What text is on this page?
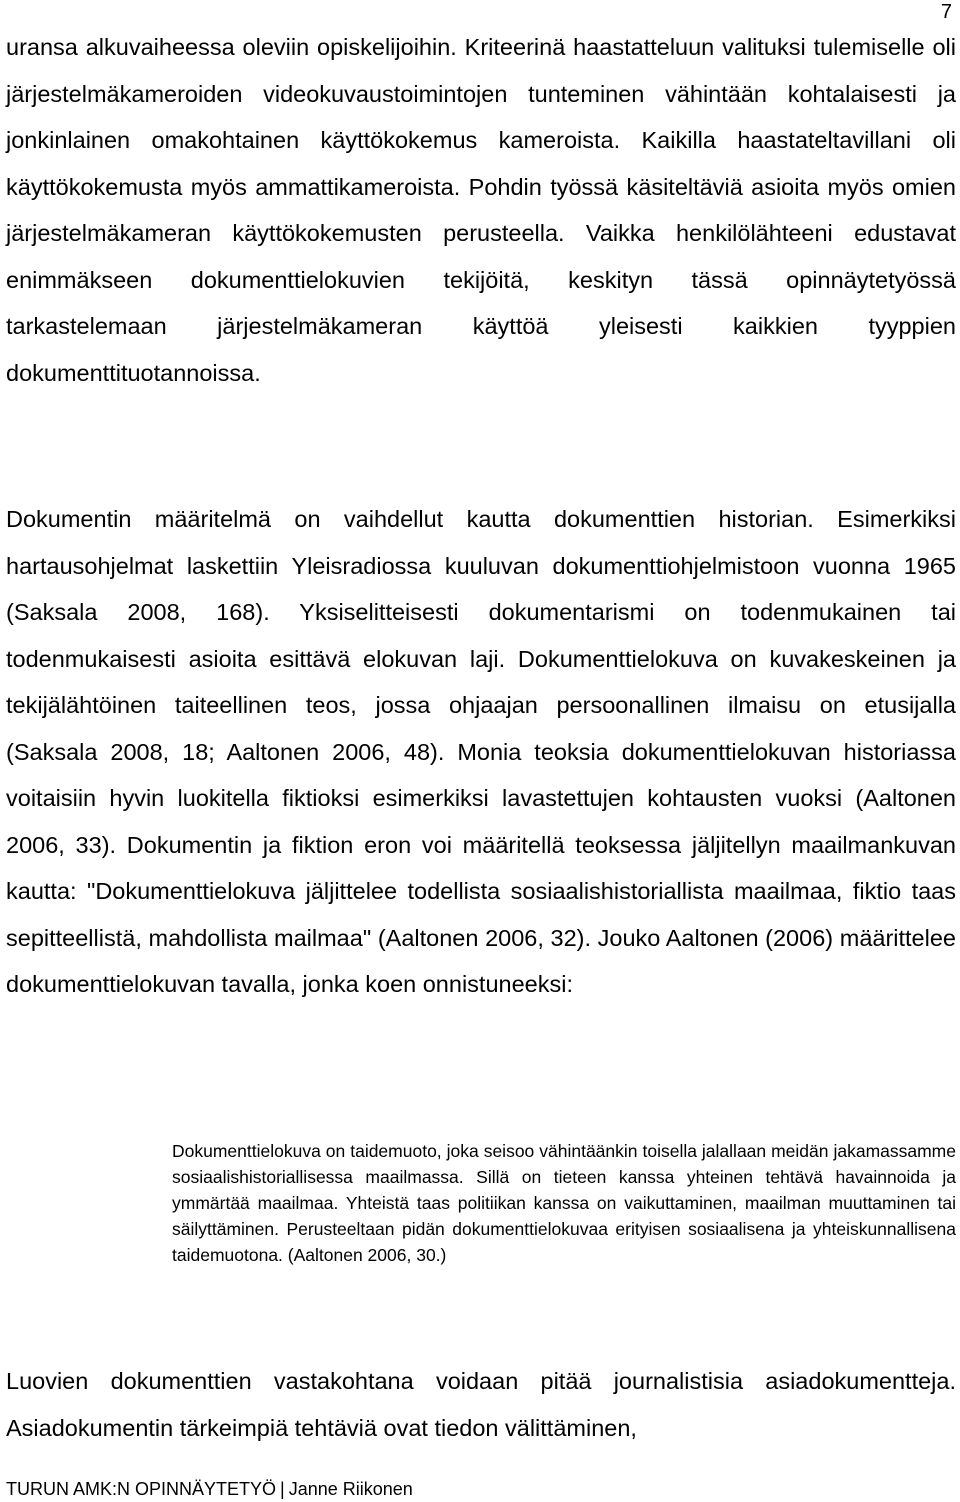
7

uransa alkuvaiheessa oleviin opiskelijoihin. Kriteerinä haastatteluun valituksi tulemiselle oli järjestelmäkameroiden videokuvaustoimintojen tunteminen vähintään kohtalaisesti ja jonkinlainen omakohtainen käyttökokemus kameroista. Kaikilla haastateltavillani oli käyttökokemusta myös ammattikameroista. Pohdin työssä käsiteltäviä asioita myös omien järjestelmäkameran käyttökokemusten perusteella. Vaikka henkilölähteeni edustavat enimmäkseen dokumenttielokuvien tekijöitä, keskityn tässä opinnäytetyössä tarkastelemaan järjestelmäkameran käyttöä yleisesti kaikkien tyyppien dokumenttituotannoissa.

Dokumentin määritelmä on vaihdellut kautta dokumenttien historian. Esimerkiksi hartausohjelmat laskettiin Yleisradiossa kuuluvan dokumenttiohjelmistoon vuonna 1965 (Saksala 2008, 168). Yksiselitteisesti dokumentarismi on todenmukainen tai todenmukaisesti asioita esittävä elokuvan laji. Dokumenttielokuva on kuvakeskeinen ja tekijälähtöinen taiteellinen teos, jossa ohjaajan persoonallinen ilmaisu on etusijalla (Saksala 2008, 18; Aaltonen 2006, 48). Monia teoksia dokumenttielokuvan historiassa voitaisiin hyvin luokitella fiktioksi esimerkiksi lavastettujen kohtausten vuoksi (Aaltonen 2006, 33). Dokumentin ja fiktion eron voi määritellä teoksessa jäljitellyn maailmankuvan kautta: "Dokumenttielokuva jäljittelee todellista sosiaalishistoriallista maailmaa, fiktio taas sepitteellistä, mahdollista mailmaa" (Aaltonen 2006, 32). Jouko Aaltonen (2006) määrittelee dokumenttielokuvan tavalla, jonka koen onnistuneeksi:

Dokumenttielokuva on taidemuoto, joka seisoo vähintäänkin toisella jalallaan meidän jakamassamme sosiaalishistoriallisessa maailmassa. Sillä on tieteen kanssa yhteinen tehtävä havainnoida ja ymmärtää maailmaa. Yhteistä taas politiikan kanssa on vaikuttaminen, maailman muuttaminen tai säilyttäminen. Perusteeltaan pidän dokumenttielokuvaa erityisen sosiaalisena ja yhteiskunnallisena taidemuotona. (Aaltonen 2006, 30.)

Luovien dokumenttien vastakohtana voidaan pitää journalistisia asiadokumentteja. Asiadokumentin tärkeimpiä tehtäviä ovat tiedon välittäminen,

TURUN AMK:N OPINNÄYTETYÖ | Janne Riikonen
